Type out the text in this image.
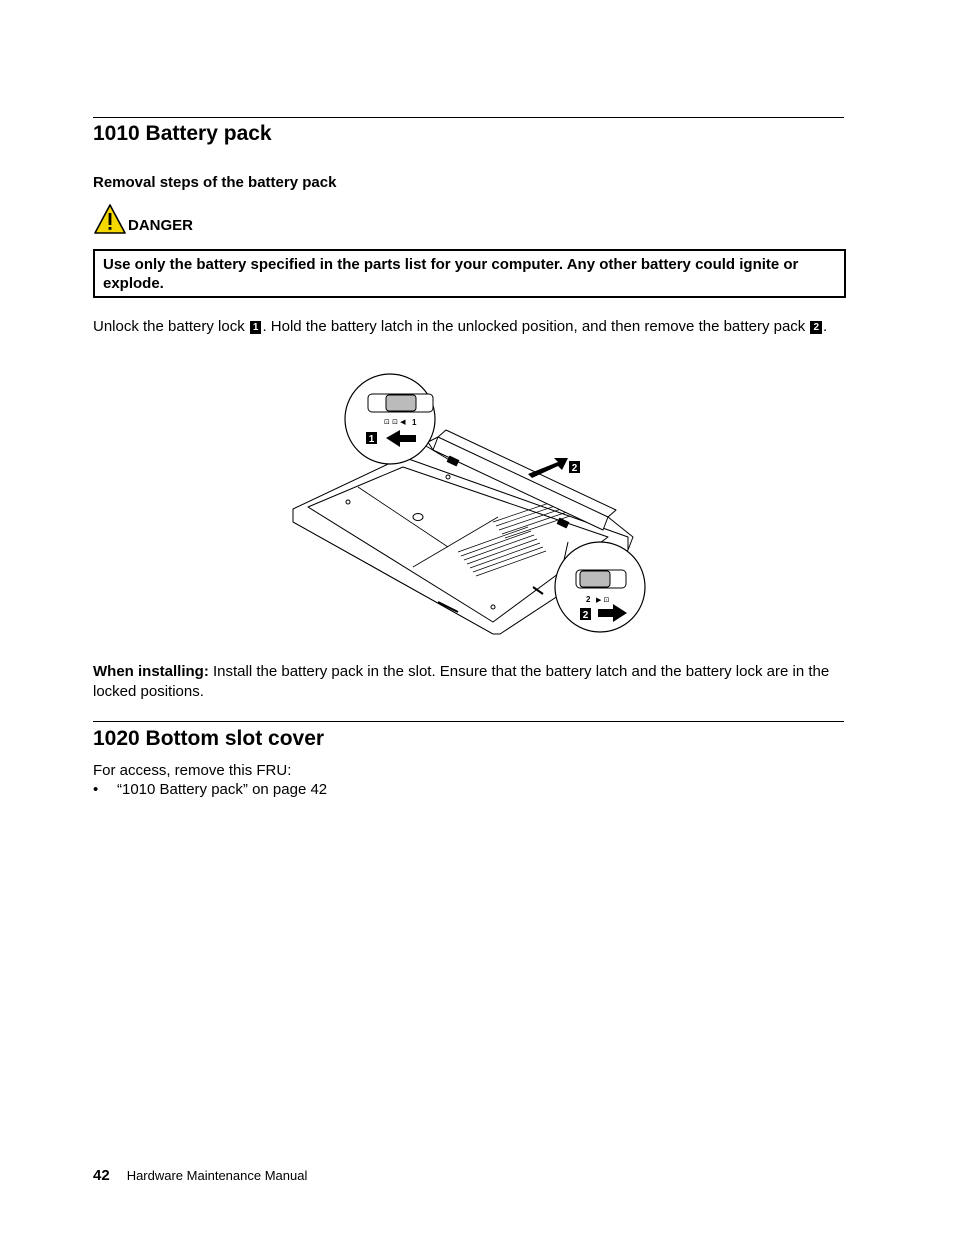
1010 Battery pack
Removal steps of the battery pack
DANGER
Use only the battery specified in the parts list for your computer. Any other battery could ignite or explode.
Unlock the battery lock 1 . Hold the battery latch in the unlocked position, and then remove the battery pack 2 .
⊡ ⊡ ◀
▶ ⊡
1
1
2
2
2
When installing: Install the battery pack in the slot. Ensure that the battery latch and the battery lock are in the locked positions.
1020 Bottom slot cover
For access, remove this FRU:
• “1010 Battery pack” on page 42
42 Hardware Maintenance Manual
